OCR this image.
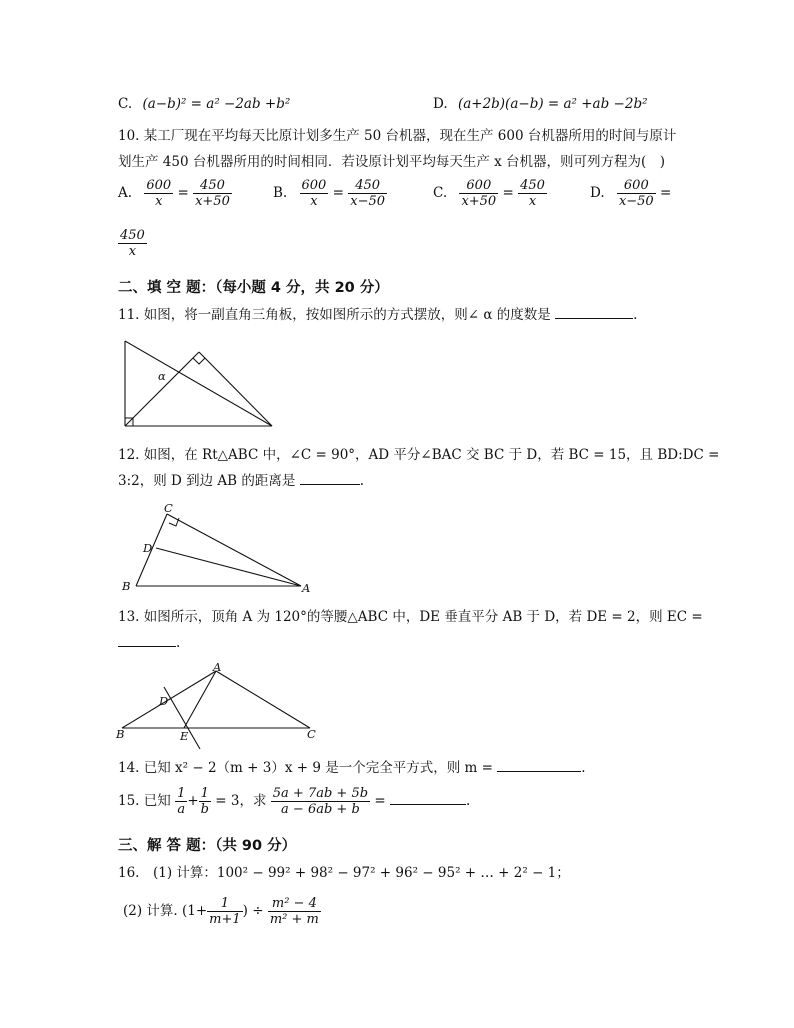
C. (a−b)² = a² −2ab +b²	D. (a+2b)(a−b) = a² +ab −2b²
10. 某工厂现在平均每天比原计划多生产 50 台机器，现在生产 600 台机器所用的时间与原计
划生产 450 台机器所用的时间相同．若设原计划平均每天生产 x 台机器，则可列方程为(　)
A. $\frac{600}{x} = \frac{450}{x+50}$	B. $\frac{600}{x} = \frac{450}{x-50}$	C. $\frac{600}{x+50} = \frac{450}{x}$	D. $\frac{600}{x-50}$ =
$\frac{450}{x}$
二、填 空 题：（每小题 4 分，共 20 分）
11. 如图，将一副直角三角板，按如图所示的方式摆放，则∠ α 的度数是	.
α
12. 如图，在 Rt△ABC 中，∠C = 90°，AD 平分∠BAC 交 BC 于 D，若 BC = 15，且 BD:DC =
3:2，则 D 到边 AB 的距离是	.
C
D
B	A
13. 如图所示，顶角 A 为 120°的等腰△ABC 中，DE 垂直平分 AB 于 D，若 DE = 2，则 EC =
.
A
D
B	E	C
14. 已知 x² − 2（m + 3）x + 9 是一个完全平方式，则 m =	.
15. 已知 $\frac{1}{a} + \frac{1}{b} = 3$，求 $\frac{5a + 7ab + 5b}{a - 6ab + b}$ =	.
三、解 答 题：（共 90 分）
16.　(1) 计算：100² − 99² + 98² − 97² + 96² − 95² + … + 2² − 1；
(2) 计算. ($1+ \frac{1}{m+1}$ ) ÷ $\frac{\text{m² − 4}}{\text{m² + m}}$
